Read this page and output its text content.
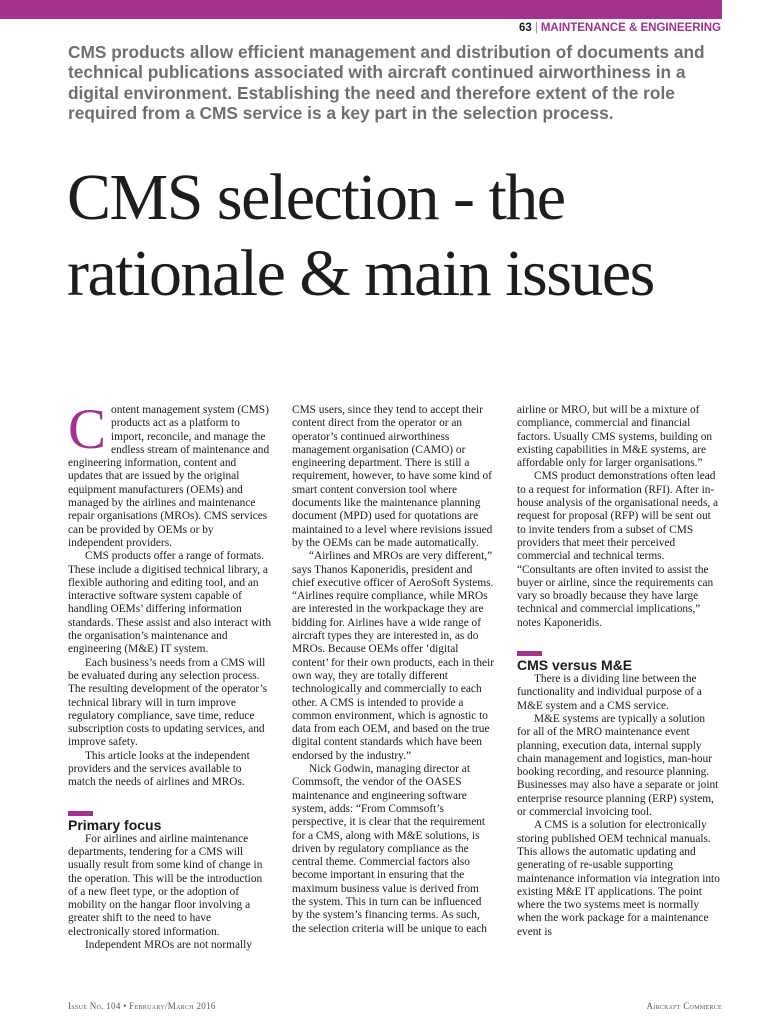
63 | MAINTENANCE & ENGINEERING
CMS products allow efficient management and distribution of documents and technical publications associated with aircraft continued airworthiness in a digital environment. Establishing the need and therefore extent of the role required from a CMS service is a key part in the selection process.
CMS selection - the rationale & main issues

Content management system (CMS) products act as a platform to import, reconcile, and manage the endless stream of maintenance and engineering information, content and updates that are issued by the original equipment manufacturers (OEMs) and managed by the airlines and maintenance repair organisations (MROs). CMS services can be provided by OEMs or by independent providers.

CMS products offer a range of formats. These include a digitised technical library, a flexible authoring and editing tool, and an interactive software system capable of handling OEMs’ differing information standards. These assist and also interact with the organisation’s maintenance and engineering (M&E) IT system.

Each business’s needs from a CMS will be evaluated during any selection process. The resulting development of the operator’s technical library will in turn improve regulatory compliance, save time, reduce subscription costs to updating services, and improve safety.

This article looks at the independent providers and the services available to match the needs of airlines and MROs.

Primary focus

For airlines and airline maintenance departments, tendering for a CMS will usually result from some kind of change in the operation. This will be the introduction of a new fleet type, or the adoption of mobility on the hangar floor involving a greater shift to the need to have electronically stored information.

Independent MROs are not normally

CMS users, since they tend to accept their content direct from the operator or an operator’s continued airworthiness management organisation (CAMO) or engineering department. There is still a requirement, however, to have some kind of smart content conversion tool where documents like the maintenance planning document (MPD) used for quotations are maintained to a level where revisions issued by the OEMs can be made automatically.

“Airlines and MROs are very different,” says Thanos Kaponeridis, president and chief executive officer of AeroSoft Systems. “Airlines require compliance, while MROs are interested in the workpackage they are bidding for. Airlines have a wide range of aircraft types they are interested in, as do MROs. Because OEMs offer ‘digital content’ for their own products, each in their own way, they are totally different technologically and commercially to each other. A CMS is intended to provide a common environment, which is agnostic to data from each OEM, and based on the true digital content standards which have been endorsed by the industry.”

Nick Godwin, managing director at Commsoft, the vendor of the OASES maintenance and engineering software system, adds: “From Commsoft’s perspective, it is clear that the requirement for a CMS, along with M&E solutions, is driven by regulatory compliance as the central theme. Commercial factors also become important in ensuring that the maximum business value is derived from the system. This in turn can be influenced by the system’s financing terms. As such, the selection criteria will be unique to each

airline or MRO, but will be a mixture of compliance, commercial and financial factors. Usually CMS systems, building on existing capabilities in M&E systems, are affordable only for larger organisations.”

CMS product demonstrations often lead to a request for information (RFI). After in-house analysis of the organisational needs, a request for proposal (RFP) will be sent out to invite tenders from a subset of CMS providers that meet their perceived commercial and technical terms. “Consultants are often invited to assist the buyer or airline, since the requirements can vary so broadly because they have large technical and commercial implications,” notes Kaponeridis.

CMS versus M&E

There is a dividing line between the functionality and individual purpose of a M&E system and a CMS service.

M&E systems are typically a solution for all of the MRO maintenance event planning, execution data, internal supply chain management and logistics, man-hour booking recording, and resource planning. Businesses may also have a separate or joint enterprise resource planning (ERP) system, or commercial invoicing tool.

A CMS is a solution for electronically storing published OEM technical manuals. This allows the automatic updating and generating of re-usable supporting maintenance information via integration into existing M&E IT applications. The point where the two systems meet is normally when the work package for a maintenance event is

Issue No. 104 • February/March 2016	Aircraft Commerce
